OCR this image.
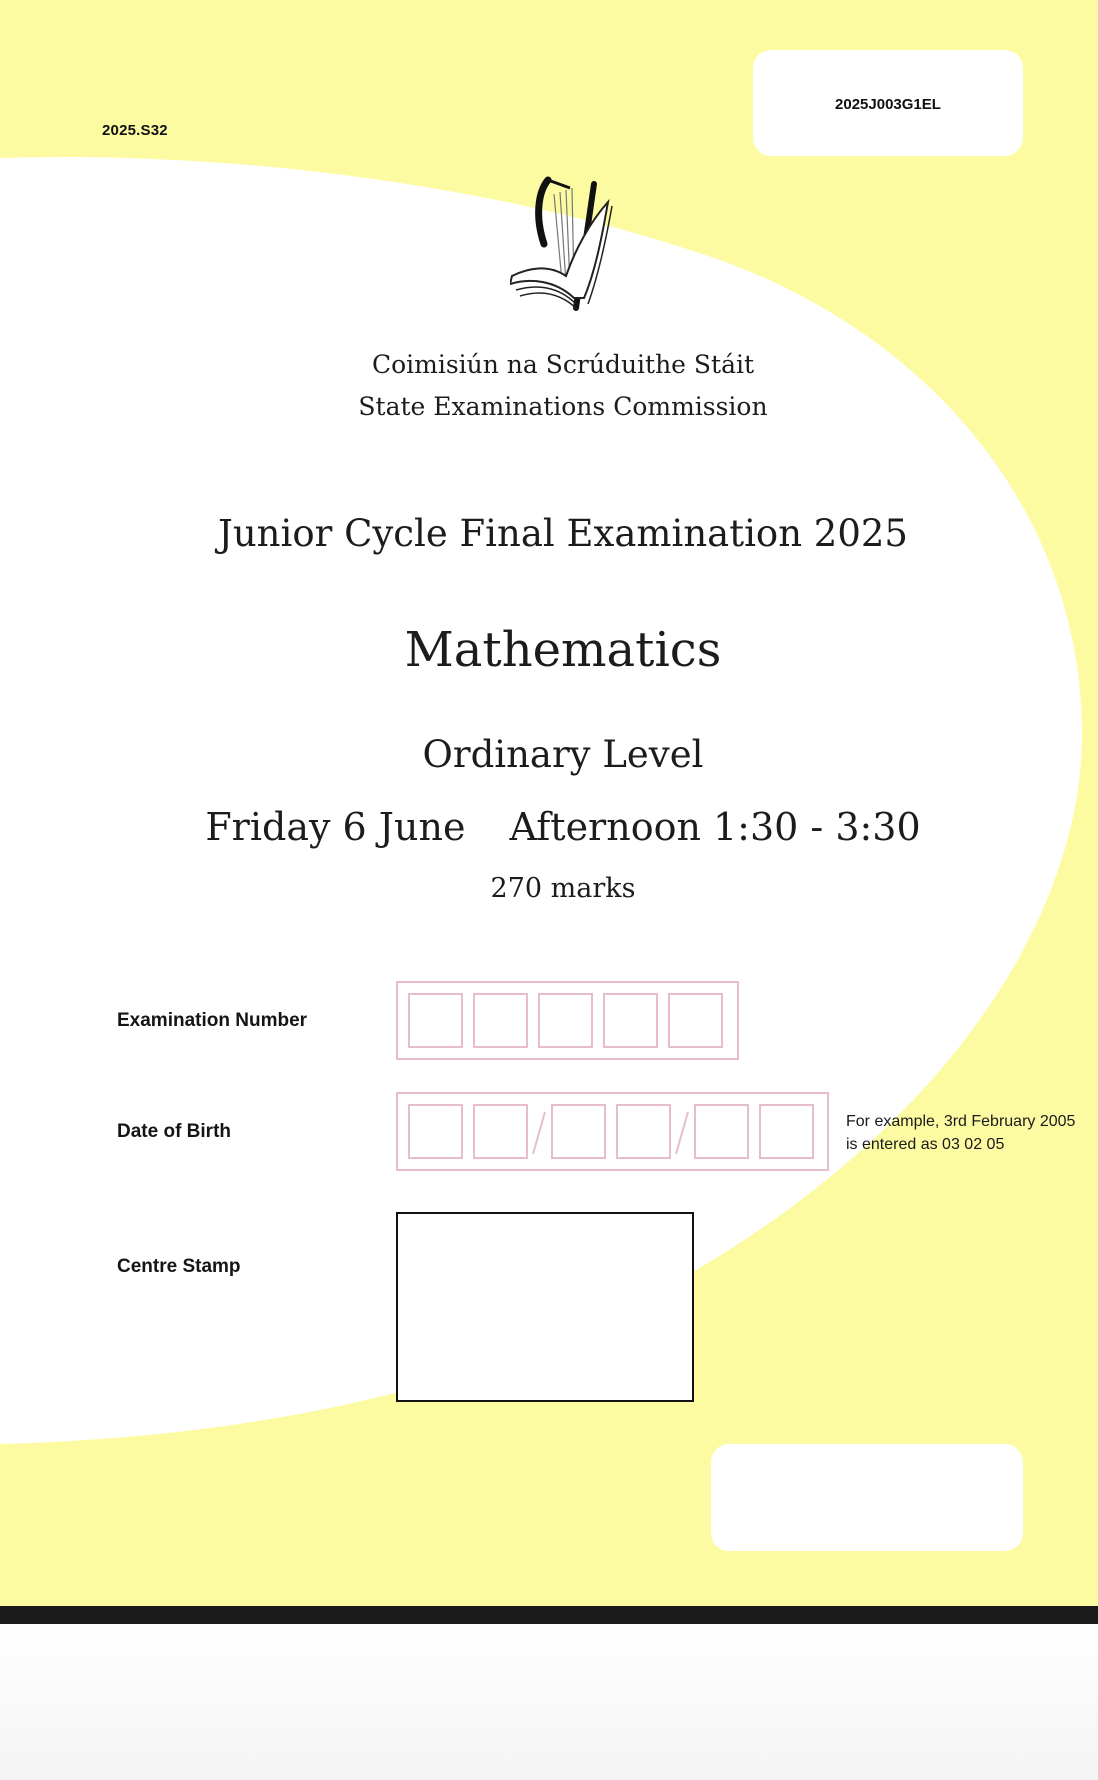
2025.S32
2025J003G1EL
Coimisiún na Scrúduithe Stáit
State Examinations Commission
Junior Cycle Final Examination 2025
Mathematics
Ordinary Level
Friday 6 June Afternoon 1:30 - 3:30
270 marks
Examination Number
Date of Birth	For example, 3rd February 2005 is entered as 03 02 05
Centre Stamp
